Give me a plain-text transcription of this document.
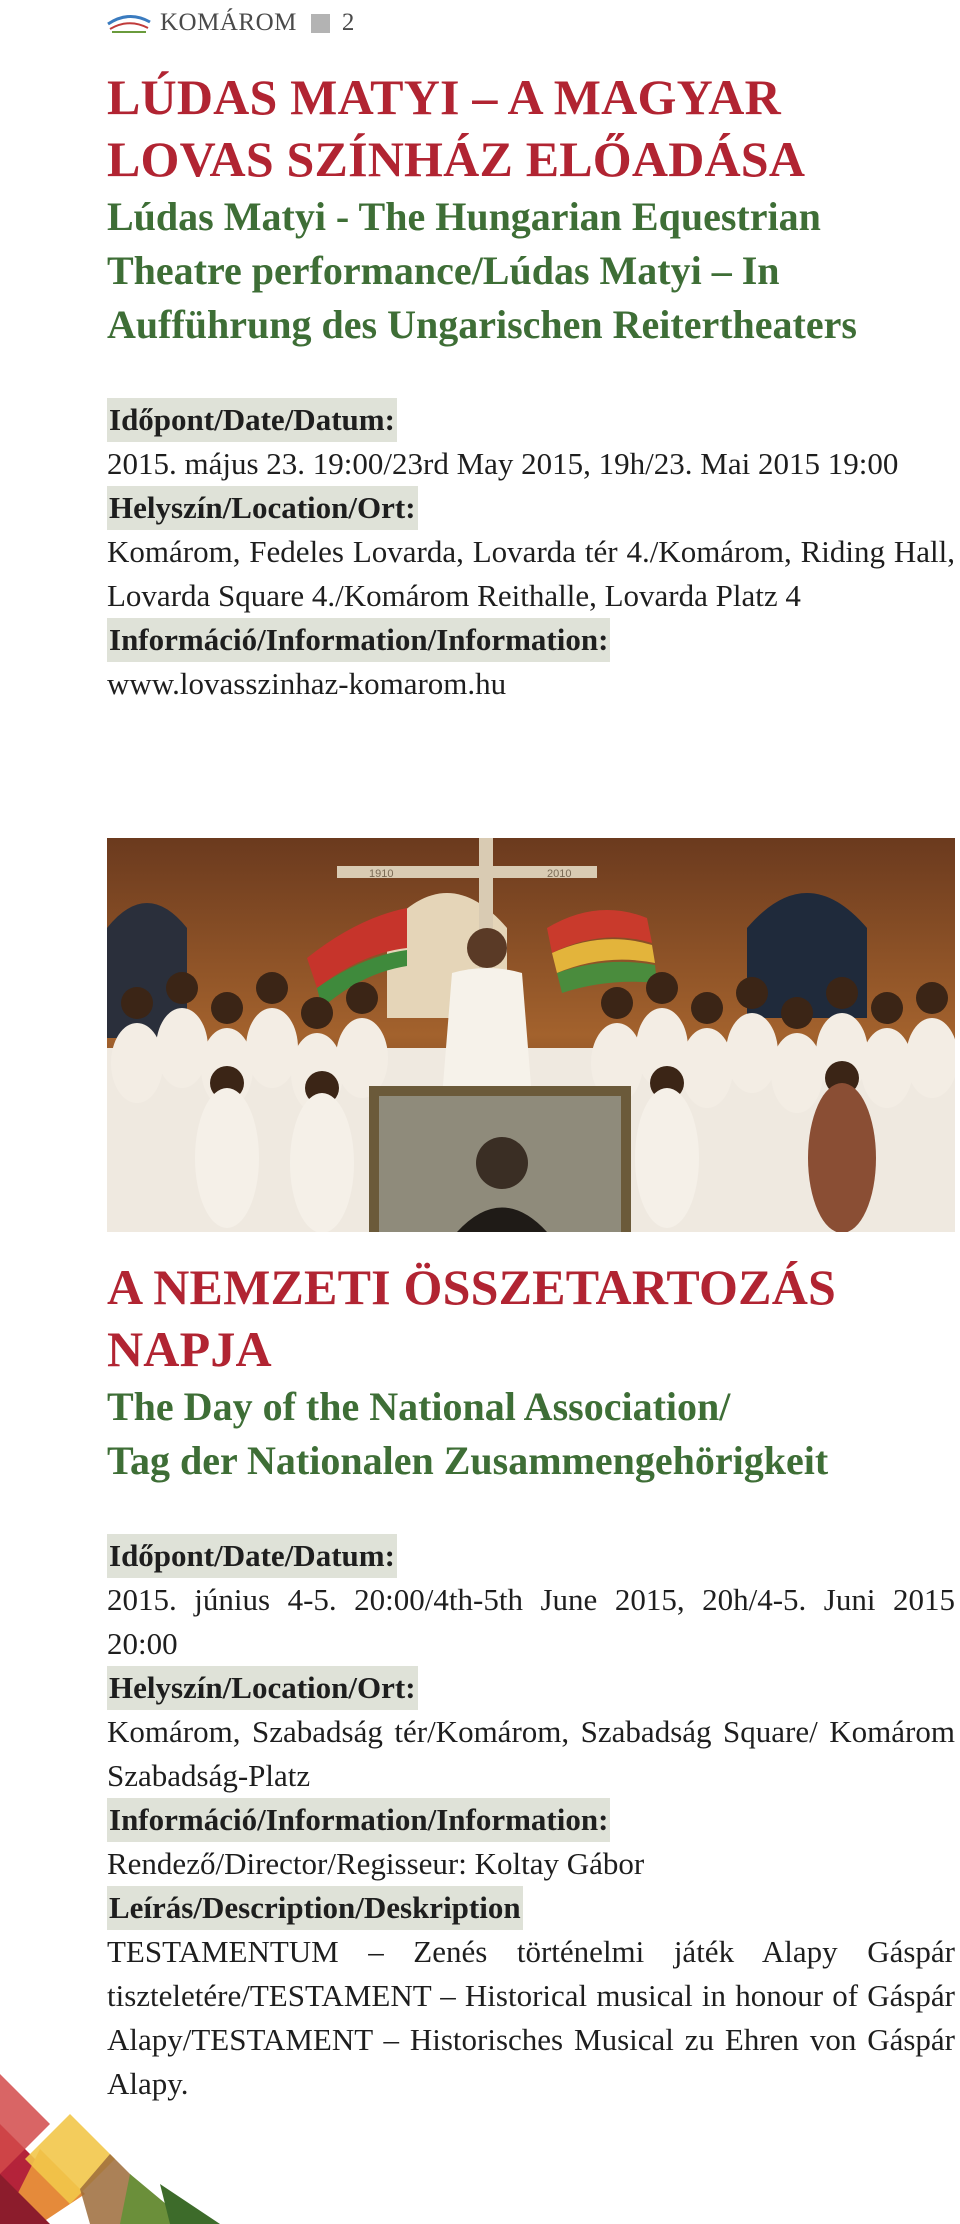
KOMÁROM 2
LÚDAS MATYI – A MAGYAR LOVAS SZÍNHÁZ ELŐADÁSA

Lúdas Matyi - The Hungarian Equestrian Theatre performance/Lúdas Matyi – In Aufführung des Ungarischen Reitertheaters

Időpont/Date/Datum:

2015. május 23. 19:00/23rd May 2015, 19h/23. Mai 2015 19:00

Helyszín/Location/Ort:

Komárom, Fedeles Lovarda, Lovarda tér 4./Komárom, Riding Hall, Lovarda Square 4./Komárom Reithalle, Lovarda Platz 4

Információ/Information/Information:

www.lovasszinhaz-komarom.hu

1910	2010
A NEMZETI ÖSSZETARTOZÁS NAPJA

The Day of the National Association/

Tag der Nationalen Zusammengehörigkeit

Időpont/Date/Datum:

2015. június 4-5. 20:00/4th-5th June 2015, 20h/4-5. Juni 2015 20:00

Helyszín/Location/Ort:

Komárom, Szabadság tér/Komárom, Szabadság Square/ Komárom Szabadság-Platz

Információ/Information/Information:

Rendező/Director/Regisseur: Koltay Gábor

Leírás/Description/Deskription

TESTAMENTUM – Zenés történelmi játék Alapy Gáspár tiszteletére/TESTAMENT – Historical musical in honour of Gáspár Alapy/TESTAMENT – Historisches Musical zu Ehren von Gáspár Alapy.
